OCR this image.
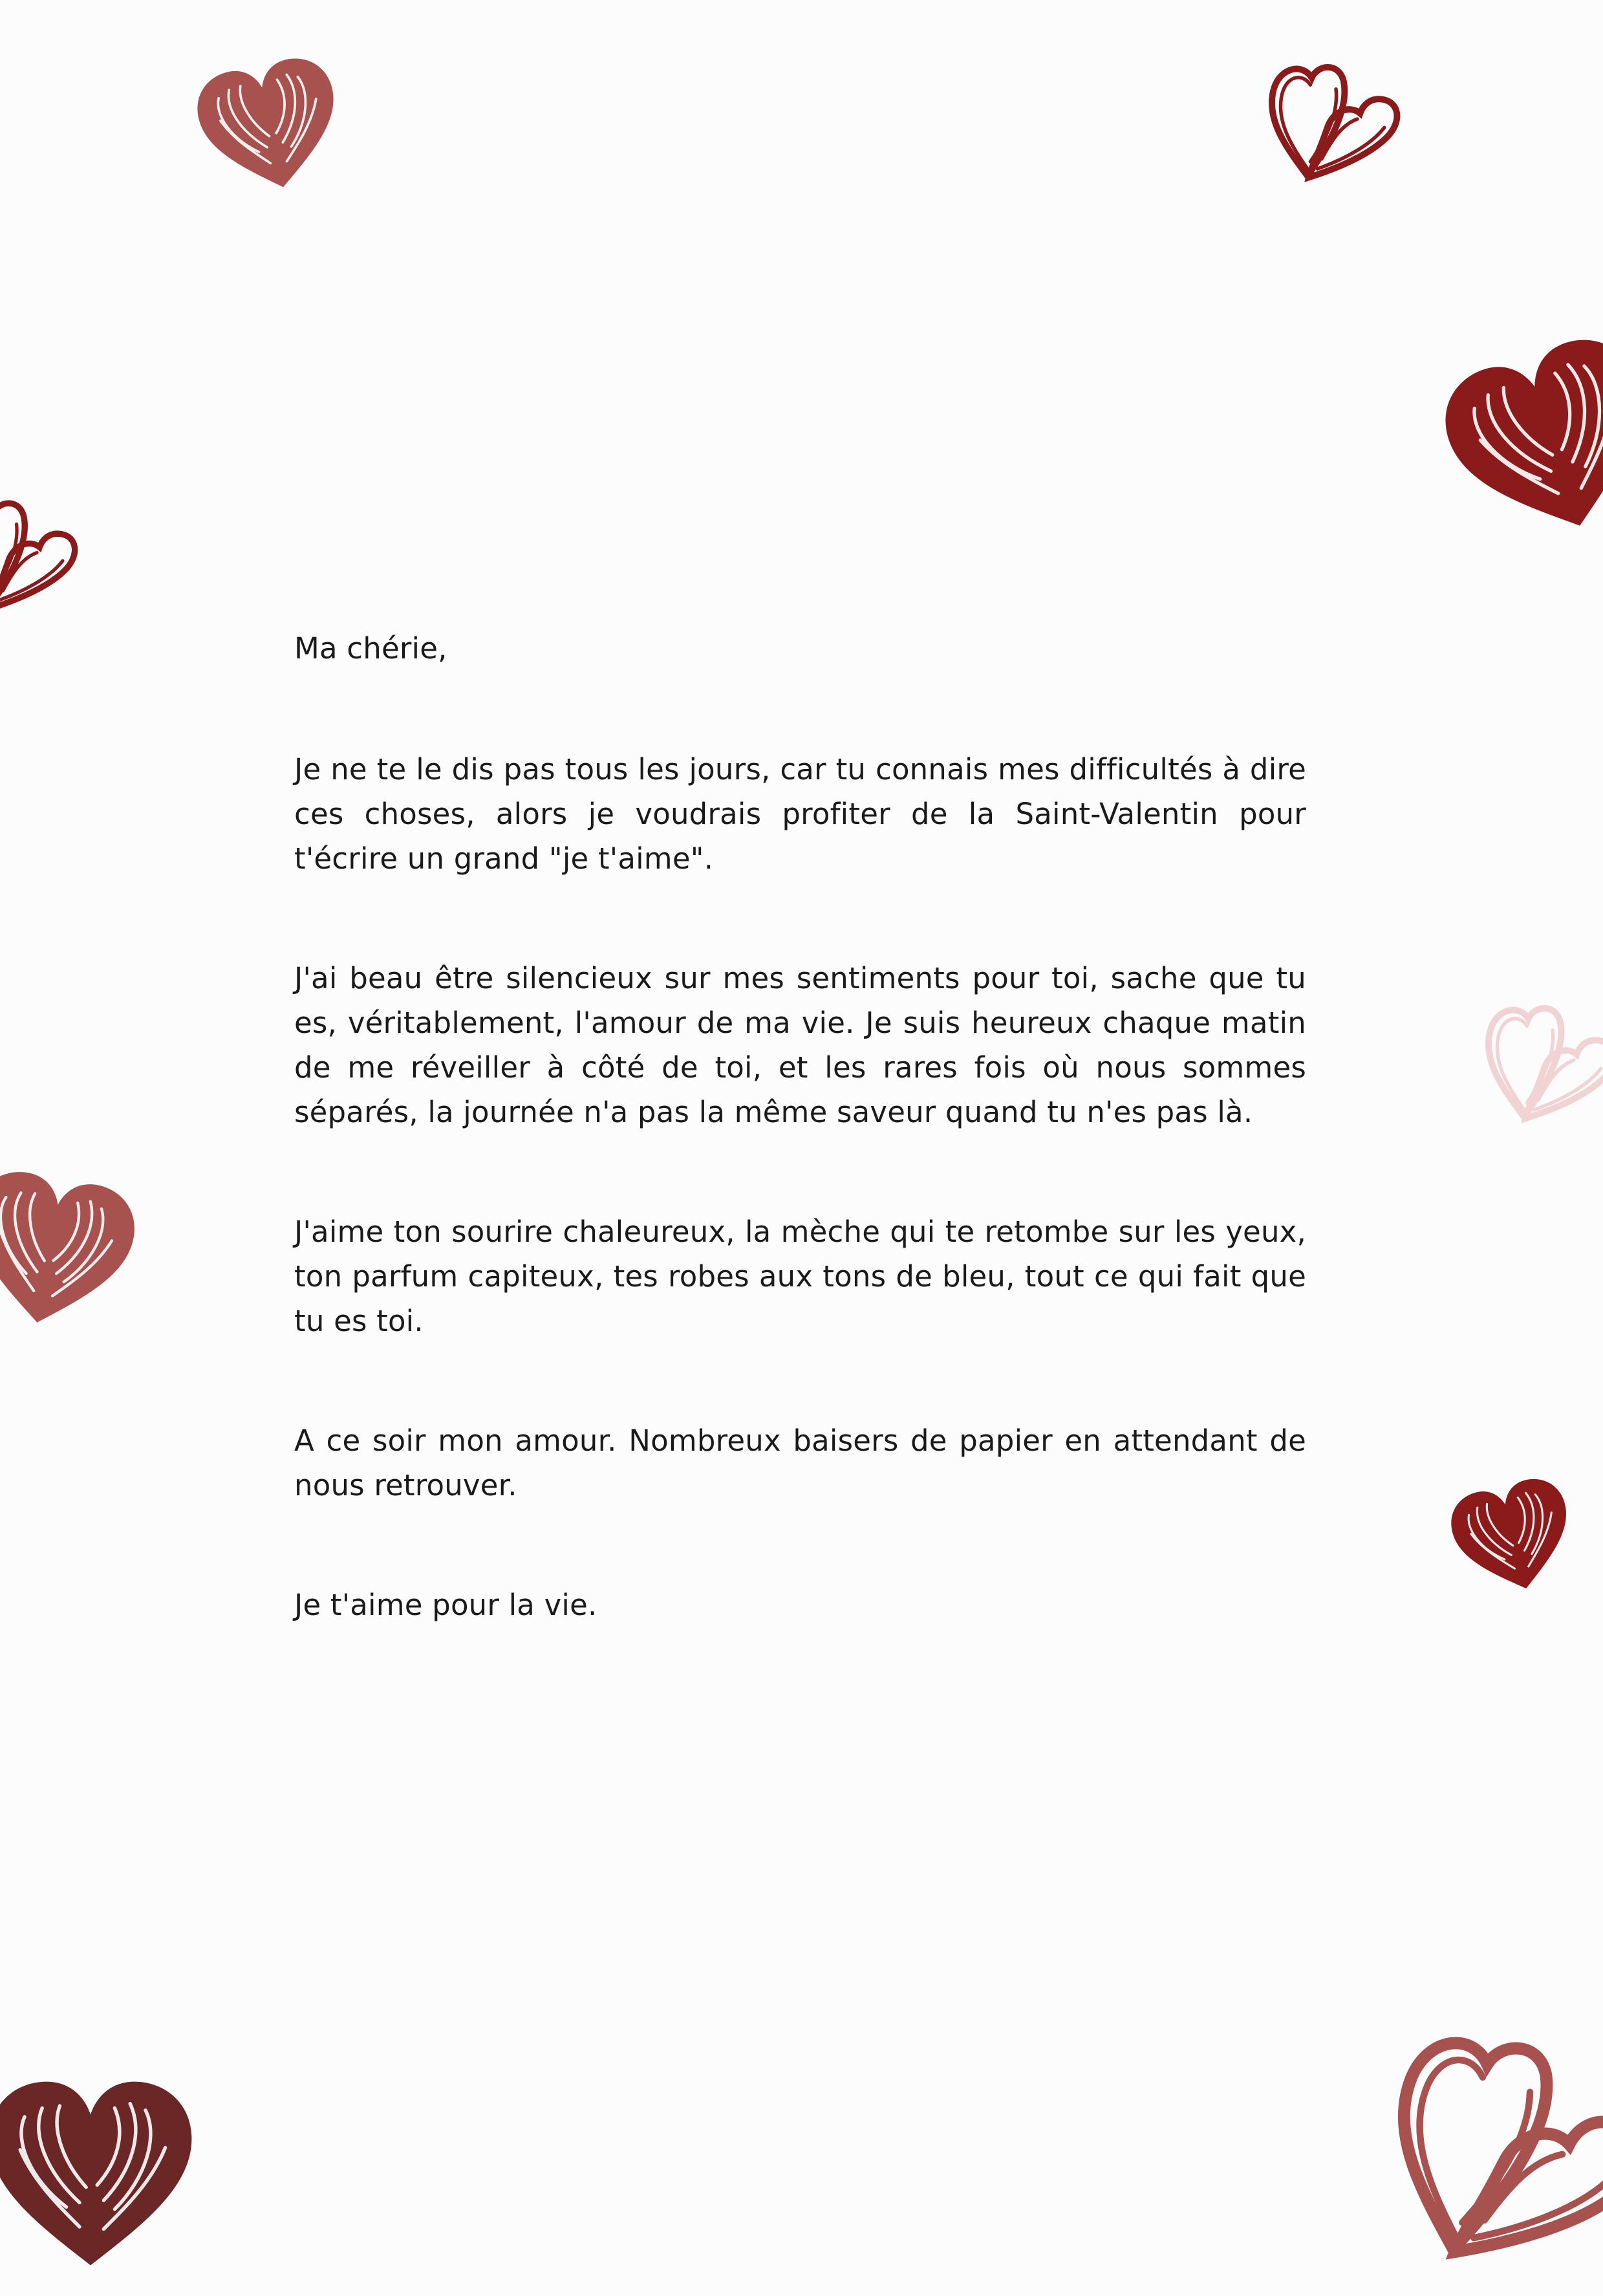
Ma chérie,

Je ne te le dis pas tous les jours, car tu connais mes difficultés à dire ces choses, alors je voudrais profiter de la Saint-Valentin pour t'écrire un grand "je t'aime".

J'ai beau être silencieux sur mes sentiments pour toi, sache que tu es, véritablement, l'amour de ma vie. Je suis heureux chaque matin de me réveiller à côté de toi, et les rares fois où nous sommes séparés, la journée n'a pas la même saveur quand tu n'es pas là.

J'aime ton sourire chaleureux, la mèche qui te retombe sur les yeux, ton parfum capiteux, tes robes aux tons de bleu, tout ce qui fait que tu es toi.

A ce soir mon amour. Nombreux baisers de papier en attendant de nous retrouver.

Je t'aime pour la vie.
